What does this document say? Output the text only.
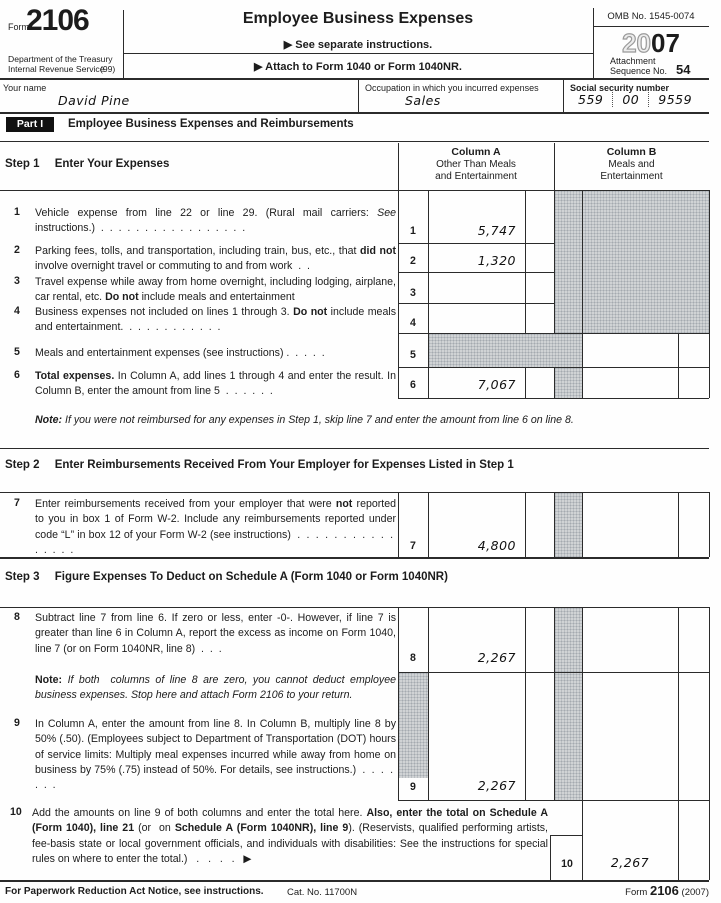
Form
2106
Department of the Treasury
Internal Revenue Service
(99)
Employee Business Expenses
▶ See separate instructions.
▶ Attach to Form 1040 or Form 1040NR.
OMB No. 1545-0074
2007
Attachment
Sequence No. 54
Your name
David Pine
Occupation in which you incurred expenses
Sales
Social security number
559 00 9559
Part I	Employee Business Expenses and Reimbursements
Step 1 Enter Your Expenses
Column A
Other Than Meals
and Entertainment
Column B
Meals and
Entertainment
1 Vehicle expense from line 22 or line 29. (Rural mail carriers: See instructions.)  .  .  .  .  .  .  .  .  .  .  .  .  .  .  .  .  .	1	5,747
2 Parking fees, tolls, and transportation, including train, bus, etc., that did not involve overnight travel or commuting to and from work  .  .	2	1,320
3 Travel expense while away from home overnight, including lodging, airplane, car rental, etc. Do not include meals and entertainment	3
4 Business expenses not included on lines 1 through 3. Do not include meals and entertainment.  .  .  .  .  .  .  .  .  .  .  .	4
5 Meals and entertainment expenses (see instructions) .  .  .  .  .	5
6 Total expenses. In Column A, add lines 1 through 4 and enter the result. In Column B, enter the amount from line 5  .  .  .  .  .  .
6	7,067
Note: If you were not reimbursed for any expenses in Step 1, skip line 7 and enter the amount from line 6 on line 8.
Step 2 Enter Reimbursements Received From Your Employer for Expenses Listed in Step 1
7 Enter reimbursements received from your employer that were not reported to you in box 1 of Form W-2. Include any reimbursements reported under code “L” in box 12 of your Form W-2 (see instructions)  .  .  .  .  .  .  .  .  .  .  .  .  .  .  .  .	7	4,800
Step 3 Figure Expenses To Deduct on Schedule A (Form 1040 or Form 1040NR)
8 Subtract line 7 from line 6. If zero or less, enter -0-. However, if line 7 is greater than line 6 in Column A, report the excess as income on Form 1040, line 7 (or on Form 1040NR, line 8)  .  .  .
8	2,267
Note: If both  columns of line 8 are zero, you cannot deduct employee business expenses. Stop here and attach Form 2106 to your return.
9 In Column A, enter the amount from line 8. In Column B, multiply line 8 by 50% (.50). (Employees subject to Department of Transportation (DOT) hours of service limits: Multiply meal expenses incurred while away from home on business by 75% (.75) instead of 50%. For details, see instructions.)  .  .  .  .  .  .  .	9	2,267
10 Add the amounts on line 9 of both columns and enter the total here. Also, enter the total on Schedule A (Form 1040), line 21 (or  on Schedule A (Form 1040NR), line 9). (Reservists, qualified performing artists, fee-basis state or local government officials, and individuals with disabilities: See the instructions for special rules on where to enter the total.)   .   .   .   .   ▶	10	2,267
For Paperwork Reduction Act Notice, see instructions. Cat. No. 11700N	Form 2106 (2007)
